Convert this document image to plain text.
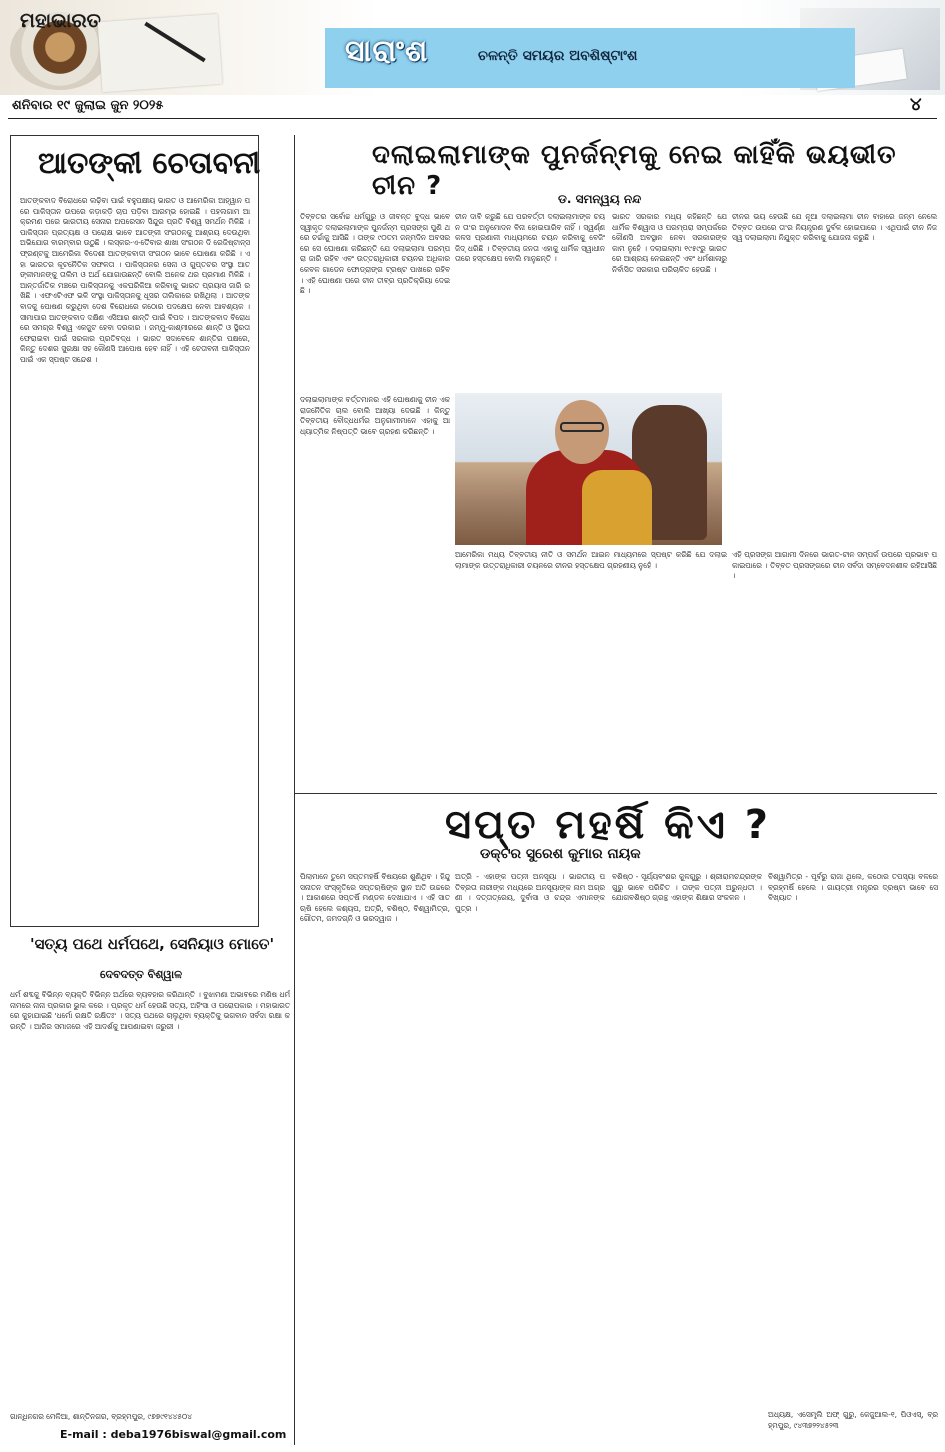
ମହାଭାରତ
ସାରାଂଶ	ଚଳନ୍ତି ସମୟର ଅବଶିଷ୍ଟାଂଶ
ଶନିବାର ୧୯ ଜୁଲାଇ ଜୁନ ୨୦୨୫	୪
ଆତଙ୍କୀ ଚେତାବନୀ
ଆତଙ୍କବାଦ ବିରୋଧରେ ଲଢ଼ିବା ପାଇଁ ବହୁପକ୍ଷୀୟ ଭାରତ ଓ ଆମେରିକା ଆହ୍ୱାନ ପରେ ପାକିସ୍ତାନ ଉପରେ କଡ଼ାକଡ଼ି ଚାପ ପଡ଼ିବା ଆରମ୍ଭ ହୋଇଛି । ପହଲଗାମ ଆକ୍ରମଣ ପରେ ଭାରତୀୟ ସେନାର ଅପରେସନ ସିନ୍ଦୁର ପ୍ରତି ବିଶ୍ୱ ସମର୍ଥନ ମିଳିଛି । ପାକିସ୍ତାନ ପ୍ରତ୍ୟକ୍ଷ ଓ ପରୋକ୍ଷ ଭାବେ ଆତଙ୍କୀ ସଂଗଠନକୁ ଆଶ୍ରୟ ଦେଉଥିବା ଅଭିଯୋଗ ବାରମ୍ବାର ଉଠୁଛି । ଲସ୍କର-ଏ-ତୈବାର ଶାଖା ସଂଗଠନ ଦି ରେଜିଷ୍ଟାନ୍ସ ଫ୍ରଣ୍ଟକୁ ଆମେରିକା ବିଦେଶୀ ଆତଙ୍କବାଦୀ ସଂଗଠନ ଭାବେ ଘୋଷଣା କରିଛି । ଏହା ଭାରତର କୂଟନୈତିକ ସଫଳତା । ପାକିସ୍ତାନର ସେନା ଓ ଗୁପ୍ତଚର ସଂସ୍ଥା ଆତଙ୍କୀମାନଙ୍କୁ ତାଲିମ ଓ ଅର୍ଥ ଯୋଗାଉଛନ୍ତି ବୋଲି ଅନେକ ଥର ପ୍ରମାଣ ମିଳିଛି । ଆନ୍ତର୍ଜାତିକ ମଞ୍ଚରେ ପାକିସ୍ତାନକୁ ଏକଘରିକିଆ କରିବାକୁ ଭାରତ ପ୍ରୟାସ ଜାରି ରଖିଛି । ଏଫଏଟିଏଫ ଭଳି ସଂସ୍ଥା ପାକିସ୍ତାନକୁ ଧୂସର ତାଲିକାରେ ରଖିଥିଲା । ଆତଙ୍କବାଦକୁ ପୋଷଣ କରୁଥିବା ଦେଶ ବିରୋଧରେ କଠୋର ପଦକ୍ଷେପ ନେବା ଆବଶ୍ୟକ । ସୀମାପାର ଆତଙ୍କବାଦ ଦକ୍ଷିଣ ଏସିଆର ଶାନ୍ତି ପାଇଁ ବିପଦ । ଆତଙ୍କବାଦ ବିରୋଧରେ ସମଗ୍ର ବିଶ୍ୱ ଏକଜୁଟ ହେବା ଦରକାର । ଜମ୍ମୁ-କାଶ୍ମୀରରେ ଶାନ୍ତି ଓ ସ୍ଥିରତା ଫେରାଇବା ପାଇଁ ସରକାର ପ୍ରତିବଦ୍ଧ । ଭାରତ ସଦାବେଳେ ଶାନ୍ତିର ପକ୍ଷରେ, କିନ୍ତୁ ଦେଶର ସୁରକ୍ଷା ସହ କୌଣସି ଆପୋଷ ହେବ ନାହିଁ । ଏହି ଚେତାବନୀ ପାକିସ୍ତାନ ପାଇଁ ଏକ ସ୍ପଷ୍ଟ ସନ୍ଦେଶ ।
ଦଲାଇଲାମାଙ୍କ ପୁନର୍ଜନ୍ମକୁ ନେଇ କାହିଁକି ଭୟଭୀତ ଚୀନ ?	ଡ. ସମନ୍ୱୟ ନନ୍ଦ
ତିବ୍ବତର ସର୍ବୋଚ୍ଚ ଧର୍ମଗୁରୁ ଓ ଜୀବନ୍ତ ବୁଦ୍ଧ ଭାବେ ସ୍ୱୀକୃତ ଦଲାଇଲାମାଙ୍କ ପୁନର୍ଜନ୍ମ ପ୍ରସଙ୍ଗ ପୁଣି ଥରେ ଚର୍ଚ୍ଚାକୁ ଆସିଛି । ତାଙ୍କ ୯୦ତମ ଜନ୍ମଦିନ ଅବସରରେ ସେ ଘୋଷଣା କରିଛନ୍ତି ଯେ ଦଲାଇଲାମା ପରମ୍ପରା ଜାରି ରହିବ ଏବଂ ଉତ୍ତରାଧିକାରୀ ଚୟନର ଅଧିକାର କେବଳ ଗାଡେନ ଫୋଡ୍ରାଙ୍ଗ ଟ୍ରଷ୍ଟ ପାଖରେ ରହିବ । ଏହି ଘୋଷଣା ପରେ ଚୀନ ତୀବ୍ର ପ୍ରତିକ୍ରିୟା ଦେଇଛି ।
ଚୀନ ଦାବି କରୁଛି ଯେ ପରବର୍ତ୍ତୀ ଦଲାଇଲାମାଙ୍କ ଚୟନ ତା'ର ଅନୁମୋଦନ ବିନା ହୋଇପାରିବ ନାହିଁ । ସ୍ୱର୍ଣ୍ଣ କଳସ ପ୍ରଣାଳୀ ମାଧ୍ୟମରେ ଚୟନ କରିବାକୁ ବେଜିଂ ଜିଦ୍ ଧରିଛି । ତିବ୍ବତୀୟ ଜନତା ଏହାକୁ ଧାର୍ମିକ ସ୍ୱାଧୀନତାରେ ହସ୍ତକ୍ଷେପ ବୋଲି ମାନୁଛନ୍ତି ।
ଭାରତ ସରକାର ମଧ୍ୟ କହିଛନ୍ତି ଯେ ଧାର୍ମିକ ବିଶ୍ୱାସ ଓ ପରମ୍ପରା ସମ୍ପର୍କରେ କୌଣସି ଅବସ୍ଥାନ ନେବା ସରକାରଙ୍କ କାମ ନୁହେଁ । ଦଲାଇଲାମା ୧୯୫୯ରୁ ଭାରତରେ ଆଶ୍ରୟ ନେଇଛନ୍ତି ଏବଂ ଧର୍ମଶାଳାରୁ ନିର୍ବାସିତ ସରକାର ପରିଚାଳିତ ହେଉଛି ।
ଚୀନର ଭୟ ହେଉଛି ଯେ ନୂଆ ଦଲାଇଲାମା ଚୀନ ବାହାରେ ଜନ୍ମ ନେଲେ ତିବ୍ବତ ଉପରେ ତା'ର ନିୟନ୍ତ୍ରଣ ଦୁର୍ବଳ ହୋଇପାରେ । ଏଥିପାଇଁ ଚୀନ ନିଜସ୍ୱ ଦଲାଇଲାମା ନିଯୁକ୍ତ କରିବାକୁ ଯୋଜନା କରୁଛି ।
ଦଲାଇଲାମାଙ୍କ ବର୍ତ୍ତମାନର ଏହି ଘୋଷଣାକୁ ଚୀନ ଏକ ରାଜନୈତିକ ଚାଲ ବୋଲି ଆଖ୍ୟା ଦେଇଛି । କିନ୍ତୁ ତିବ୍ବତୀୟ ବୌଦ୍ଧଧର୍ମର ଅନୁଗାମୀମାନେ ଏହାକୁ ଆଧ୍ୟାତ୍ମିକ ନିଷ୍ପତ୍ତି ଭାବେ ଗ୍ରହଣ କରିଛନ୍ତି ।
ଆମେରିକା ମଧ୍ୟ ତିବ୍ବତୀୟ ନୀତି ଓ ସମର୍ଥନ ଆଇନ ମାଧ୍ୟମରେ ସ୍ପଷ୍ଟ କରିଛି ଯେ ଦଲାଇଲାମାଙ୍କ ଉତ୍ତରାଧିକାରୀ ଚୟନରେ ଚୀନର ହସ୍ତକ୍ଷେପ ଗ୍ରହଣୀୟ ନୁହେଁ ।
ଏହି ପ୍ରସଙ୍ଗ ଆଗାମୀ ଦିନରେ ଭାରତ-ଚୀନ ସମ୍ପର୍କ ଉପରେ ପ୍ରଭାବ ପକାଇପାରେ । ତିବ୍ବତ ପ୍ରସଙ୍ଗରେ ଚୀନ ସର୍ବଦା ସମ୍ବେଦନଶୀଳ ରହିଆସିଛି ।
ସପ୍ତ ମହର୍ଷି କିଏ ?
ଡକ୍ଟର ସୁରେଶ କୁମାର ନାୟକ
ପିଲାମାନେ ତୁମେ ସପ୍ତମହର୍ଷି ବିଷୟରେ ଶୁଣିଥିବ । ହିନ୍ଦୁ ସନାତନ ସଂସ୍କୃତିରେ ସପ୍ତଋଷିଙ୍କ ସ୍ଥାନ ଅତି ଉଚ୍ଚରେ । ଆକାଶରେ ସପ୍ତର୍ଷି ମଣ୍ଡଳ ଦେଖାଯାଏ । ଏହି ସାତ ଋଷି ହେଲେ କଶ୍ୟପ, ଅତ୍ରି, ବଶିଷ୍ଠ, ବିଶ୍ୱାମିତ୍ର, ଗୌତମ, ଜମଦଗ୍ନି ଓ ଭରଦ୍ୱାଜ ।
ଅତ୍ରି - ଏହାଙ୍କ ପତ୍ନୀ ଅନସୂୟା । ଭାରତୀୟ ପତିବ୍ରତା ନାରୀଙ୍କ ମଧ୍ୟରେ ଅନସୂୟାଙ୍କ ନାମ ଅଗ୍ରଣୀ । ଦତ୍ତାତ୍ରେୟ, ଦୁର୍ବାସା ଓ ଚନ୍ଦ୍ର ଏମାନଙ୍କ ପୁତ୍ର ।
ବଶିଷ୍ଠ - ସୂର୍ଯ୍ୟବଂଶର କୁଳଗୁରୁ । ଶ୍ରୀରାମଚନ୍ଦ୍ରଙ୍କ ଗୁରୁ ଭାବେ ପରିଚିତ । ତାଙ୍କ ପତ୍ନୀ ଅରୁନ୍ଧତୀ । ଯୋଗବଶିଷ୍ଠ ଗ୍ରନ୍ଥ ଏହାଙ୍କ ଶିକ୍ଷାର ସଂକଳନ ।
ବିଶ୍ୱାମିତ୍ର - ପୂର୍ବରୁ ରାଜା ଥିଲେ, କଠୋର ତପସ୍ୟା ବଳରେ ବ୍ରହ୍ମର୍ଷି ହେଲେ । ଗାୟତ୍ରୀ ମନ୍ତ୍ରର ଦ୍ରଷ୍ଟା ଭାବେ ସେ ବିଖ୍ୟାତ ।
ଅଧ୍ୟକ୍ଷ, ଏସେମ୍ବ୍ଲି ଅଫ୍ ଗୁରୁ, କେଜୁଆଲ-୧, ପିଓଏସ୍, ବ୍ରହ୍ମପୁର, ୯୪୩୭୨୨୪୫୨୩
'ସତ୍ୟ ପଥେ ଧର୍ମପଥେ, ସେନିୟାଓ ମୋତେ'
ଦେବଦତ୍ତ ବିଶ୍ୱାଳ
ଧର୍ମ ଶବ୍ଦକୁ ବିଭିନ୍ନ ବ୍ୟକ୍ତି ବିଭିନ୍ନ ଅର୍ଥରେ ବ୍ୟବହାର କରିଥାନ୍ତି । ବୁଝାମଣା ଅଭାବରେ ମଣିଷ ଧର୍ମ ନାମରେ ନାନା ପ୍ରକାର ଭୁଲ କରେ । ପ୍ରକୃତ ଧର୍ମ ହେଉଛି ସତ୍ୟ, ଅହିଂସା ଓ ପରୋପକାର । ମହାଭାରତରେ କୁହାଯାଇଛି 'ଧର୍ମୋ ରକ୍ଷତି ରକ୍ଷିତଃ' । ସତ୍ୟ ପଥରେ ଚାଲୁଥିବା ବ୍ୟକ୍ତିକୁ ଭଗବାନ ସର୍ବଦା ରକ୍ଷା କରନ୍ତି । ଆଜିର ସମାଜରେ ଏହି ଆଦର୍ଶକୁ ଆପଣାଇବା ଜରୁରୀ ।
ଗାନ୍ଧିନଗର ମେଳିଆ, ଶାନ୍ତିନଗର, ବ୍ରହ୍ମପୁର, ୯୭୭୯୧୪୪୫୦୪
E-mail : deba1976biswal@gmail.com
